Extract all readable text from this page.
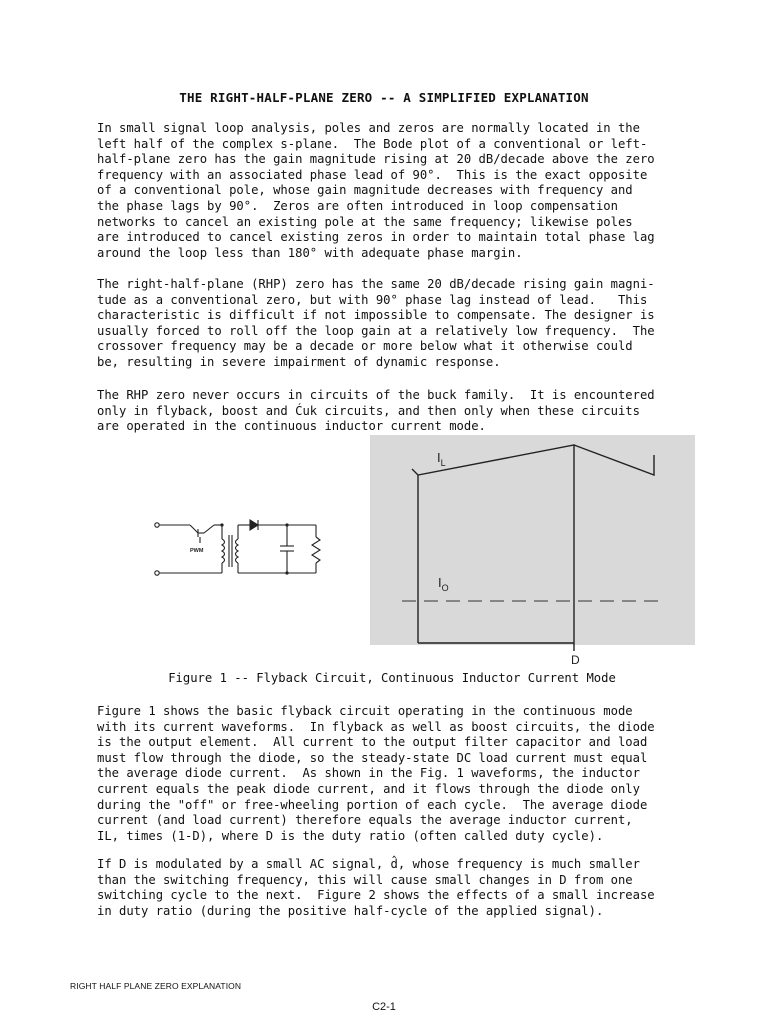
THE RIGHT-HALF-PLANE ZERO -- A SIMPLIFIED EXPLANATION
In small signal loop analysis, poles and zeros are normally located in the
left half of the complex s-plane.  The Bode plot of a conventional or left-
half-plane zero has the gain magnitude rising at 20 dB/decade above the zero
frequency with an associated phase lead of 90°.  This is the exact opposite
of a conventional pole, whose gain magnitude decreases with frequency and
the phase lags by 90°.  Zeros are often introduced in loop compensation
networks to cancel an existing pole at the same frequency; likewise poles
are introduced to cancel existing zeros in order to maintain total phase lag
around the loop less than 180° with adequate phase margin.
The right-half-plane (RHP) zero has the same 20 dB/decade rising gain magni-
tude as a conventional zero, but with 90° phase lag instead of lead.   This
characteristic is difficult if not impossible to compensate. The designer is
usually forced to roll off the loop gain at a relatively low frequency.  The
crossover frequency may be a decade or more below what it otherwise could
be, resulting in severe impairment of dynamic response.
The RHP zero never occurs in circuits of the buck family.  It is encountered
only in flyback, boost and Ćuk circuits, and then only when these circuits
are operated in the continuous inductor current mode.
$I_L$
$I_O$
D
PWM
Figure 1 -- Flyback Circuit, Continuous Inductor Current Mode
Figure 1 shows the basic flyback circuit operating in the continuous mode
with its current waveforms.  In flyback as well as boost circuits, the diode
is the output element.  All current to the output filter capacitor and load
must flow through the diode, so the steady-state DC load current must equal
the average diode current.  As shown in the Fig. 1 waveforms, the inductor
current equals the peak diode current, and it flows through the diode only
during the "off" or free-wheeling portion of each cycle.  The average diode
current (and load current) therefore equals the average inductor current,
IL, times (1-D), where D is the duty ratio (often called duty cycle).
If D is modulated by a small AC signal, d̂, whose frequency is much smaller
than the switching frequency, this will cause small changes in D from one
switching cycle to the next.  Figure 2 shows the effects of a small increase
in duty ratio (during the positive half-cycle of the applied signal).
RIGHT HALF PLANE ZERO EXPLANATION
C2-1
